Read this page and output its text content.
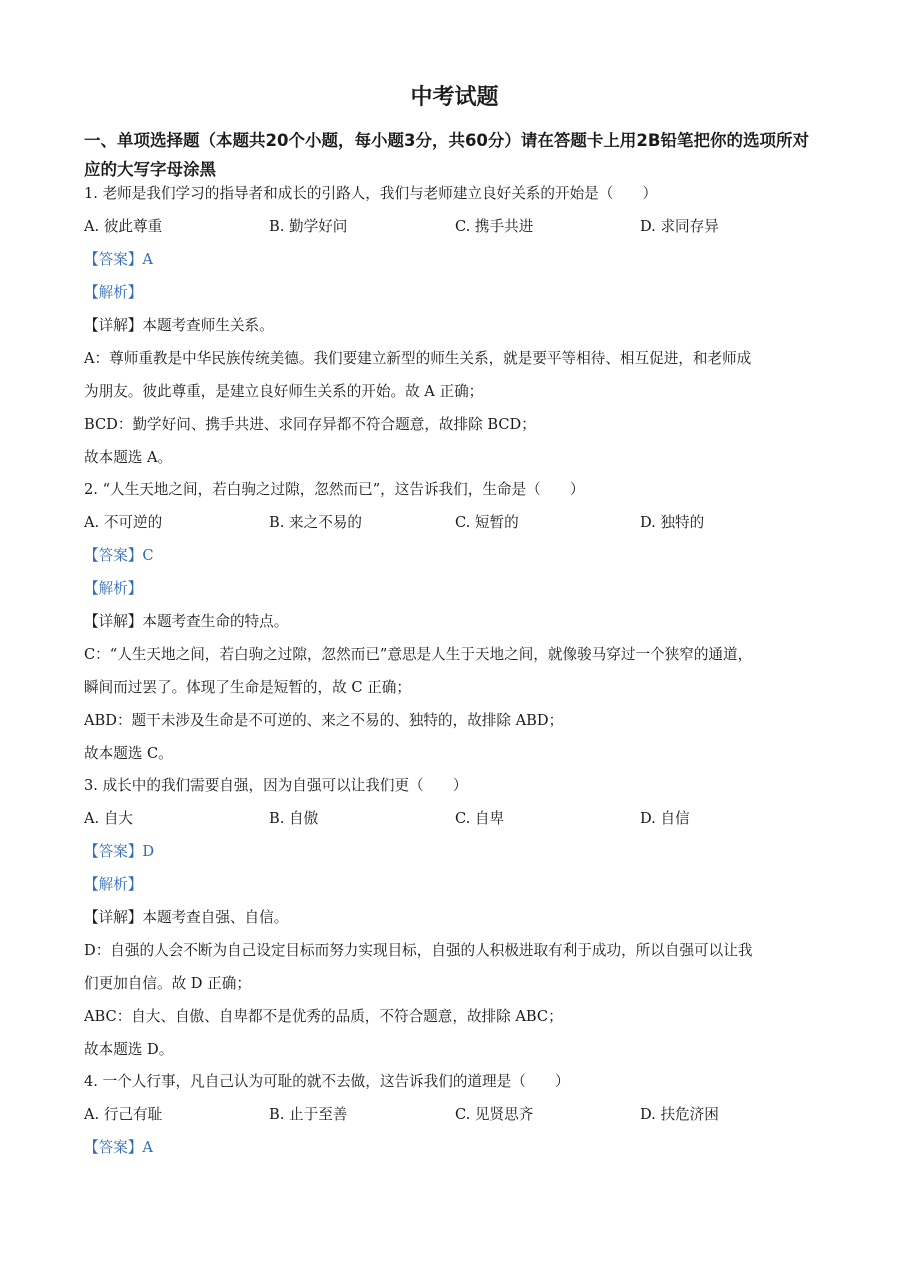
中考试题
一、单项选择题（本题共20个小题，每小题3分，共60分）请在答题卡上用2B铅笔把你的选项所对应的大写字母涂黑
1. 老师是我们学习的指导者和成长的引路人，我们与老师建立良好关系的开始是（　　）
A. 彼此尊重	B. 勤学好问	C. 携手共进	D. 求同存异
【答案】A
【解析】
【详解】本题考查师生关系。
A：尊师重教是中华民族传统美德。我们要建立新型的师生关系，就是要平等相待、相互促进，和老师成
为朋友。彼此尊重，是建立良好师生关系的开始。故 A 正确；
BCD：勤学好问、携手共进、求同存异都不符合题意，故排除 BCD；
故本题选 A。
2. “人生天地之间，若白驹之过隙，忽然而已”，这告诉我们，生命是（　　）
A. 不可逆的	B. 来之不易的	C. 短暂的	D. 独特的
【答案】C
【解析】
【详解】本题考查生命的特点。
C：“人生天地之间，若白驹之过隙，忽然而已”意思是人生于天地之间，就像骏马穿过一个狭窄的通道，
瞬间而过罢了。体现了生命是短暂的，故 C 正确；
ABD：题干未涉及生命是不可逆的、来之不易的、独特的，故排除 ABD；
故本题选 C。
3. 成长中的我们需要自强，因为自强可以让我们更（　　）
A. 自大	B. 自傲	C. 自卑	D. 自信
【答案】D
【解析】
【详解】本题考查自强、自信。
D：自强的人会不断为自己设定目标而努力实现目标，自强的人积极进取有利于成功，所以自强可以让我
们更加自信。故 D 正确；
ABC：自大、自傲、自卑都不是优秀的品质，不符合题意，故排除 ABC；
故本题选 D。
4. 一个人行事，凡自己认为可耻的就不去做，这告诉我们的道理是（　　）
A. 行己有耻	B. 止于至善	C. 见贤思齐	D. 扶危济困
【答案】A
